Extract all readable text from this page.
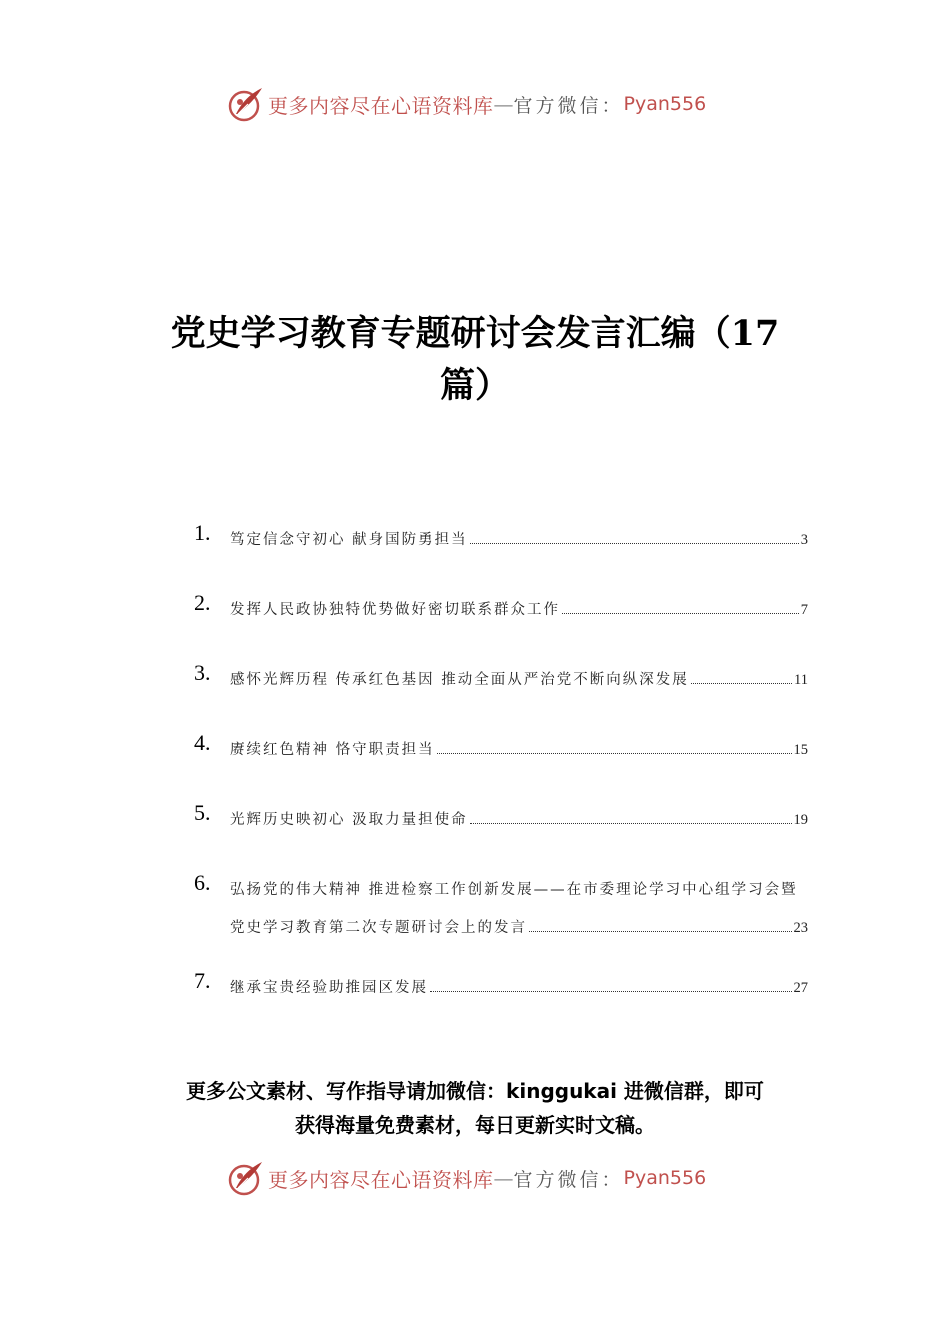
更多内容尽在心语资料库 — 官方微信： Pyan556
党史学习教育专题研讨会发言汇编（17
篇）
1. 笃定信念守初心 献身国防勇担当	3
2. 发挥人民政协独特优势做好密切联系群众工作	7
3. 感怀光辉历程 传承红色基因 推动全面从严治党不断向纵深发展	11
4. 赓续红色精神 恪守职责担当	15
5. 光辉历史映初心 汲取力量担使命	19
6. 弘扬党的伟大精神 推进检察工作创新发展——在市委理论学习中心组学习会暨
党史学习教育第二次专题研讨会上的发言	23
7. 继承宝贵经验助推园区发展	27
更多公文素材、写作指导请加微信：kinggukai 进微信群，即可
获得海量免费素材，每日更新实时文稿。
更多内容尽在心语资料库 — 官方微信： Pyan556
